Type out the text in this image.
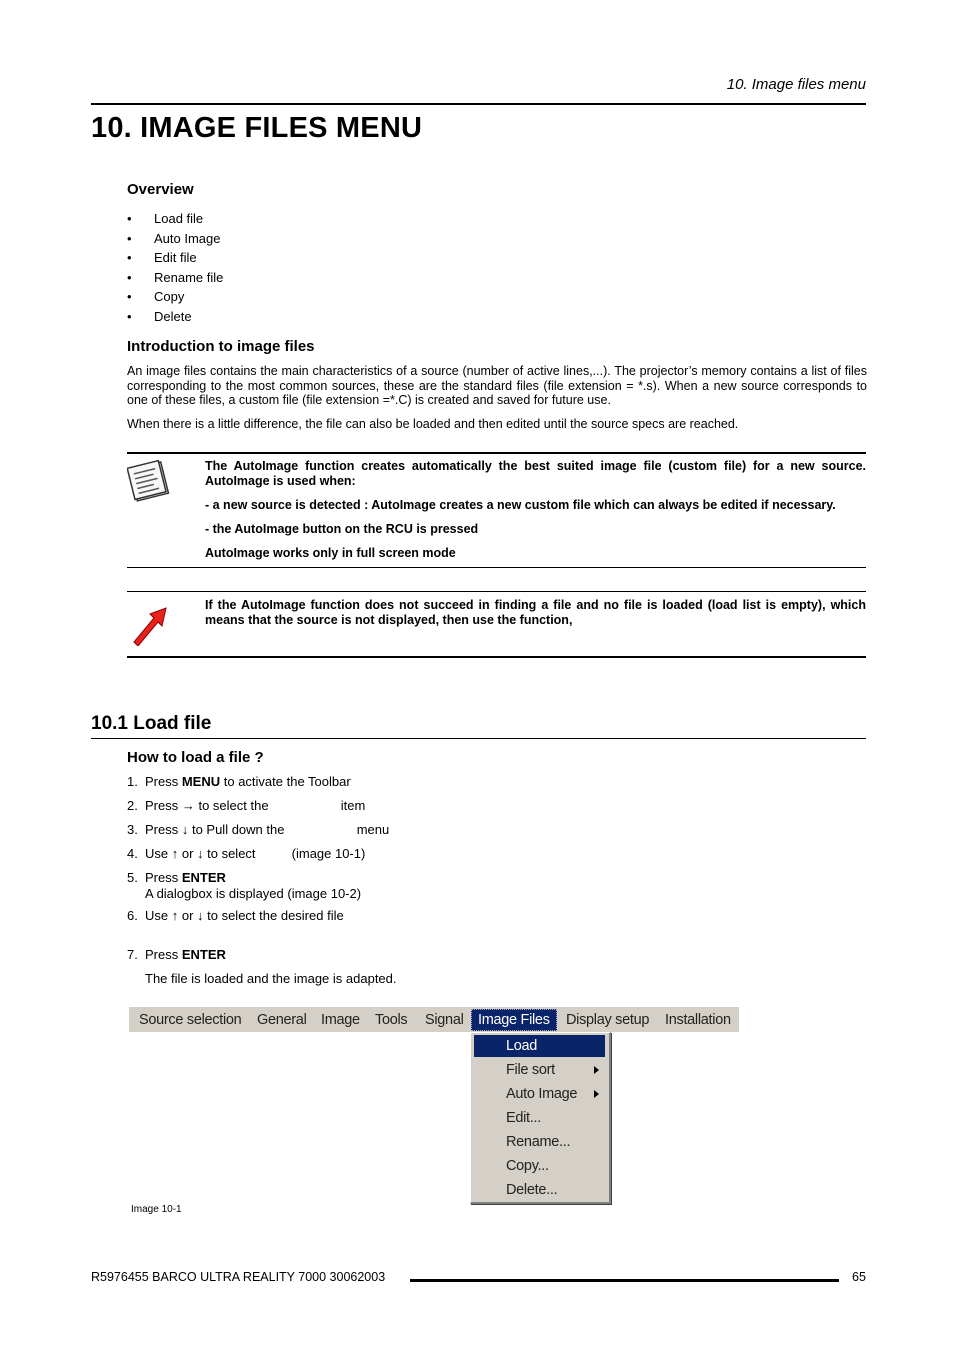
10. Image files menu
10. IMAGE FILES MENU
Overview
• Load file
• Auto Image
• Edit file
• Rename file
• Copy
• Delete
Introduction to image files

An image files contains the main characteristics of a source (number of active lines,...). The projector’s memory contains a list of files corresponding to the most common sources, these are the standard files (file extension = *.s). When a new source corresponds to one of these files, a custom file (file extension =*.C) is created and saved for future use.

When there is a little difference, the file can also be loaded and then edited until the source specs are reached.

The AutoImage function creates automatically the best suited image file (custom file) for a new source. AutoImage is used when:

- a new source is detected : AutoImage creates a new custom file which can always be edited if necessary.

- the AutoImage button on the RCU is pressed

AutoImage works only in full screen mode

If the AutoImage function does not succeed in finding a file and no file is loaded (load list is empty), which means that the source is not displayed, then use the function,

10.1 Load file
How to load a file ?
1. Press MENU to activate the Toolbar
2. Press → to select the                    item
3. Press ↓ to Pull down the                    menu
4. Use ↑ or ↓ to select          (image 10-1)
5. Press ENTER
A dialogbox is displayed (image 10-2)
6. Use ↑ or ↓ to select the desired file
7. Press ENTER
The file is loaded and the image is adapted.
Source selection General Image Tools Signal Image Files	Display setup Installation
Load
File sort
Auto Image
Edit...
Rename...
Copy...
Delete...
Image 10-1
R5976455 BARCO ULTRA REALITY 7000 30062003	65
